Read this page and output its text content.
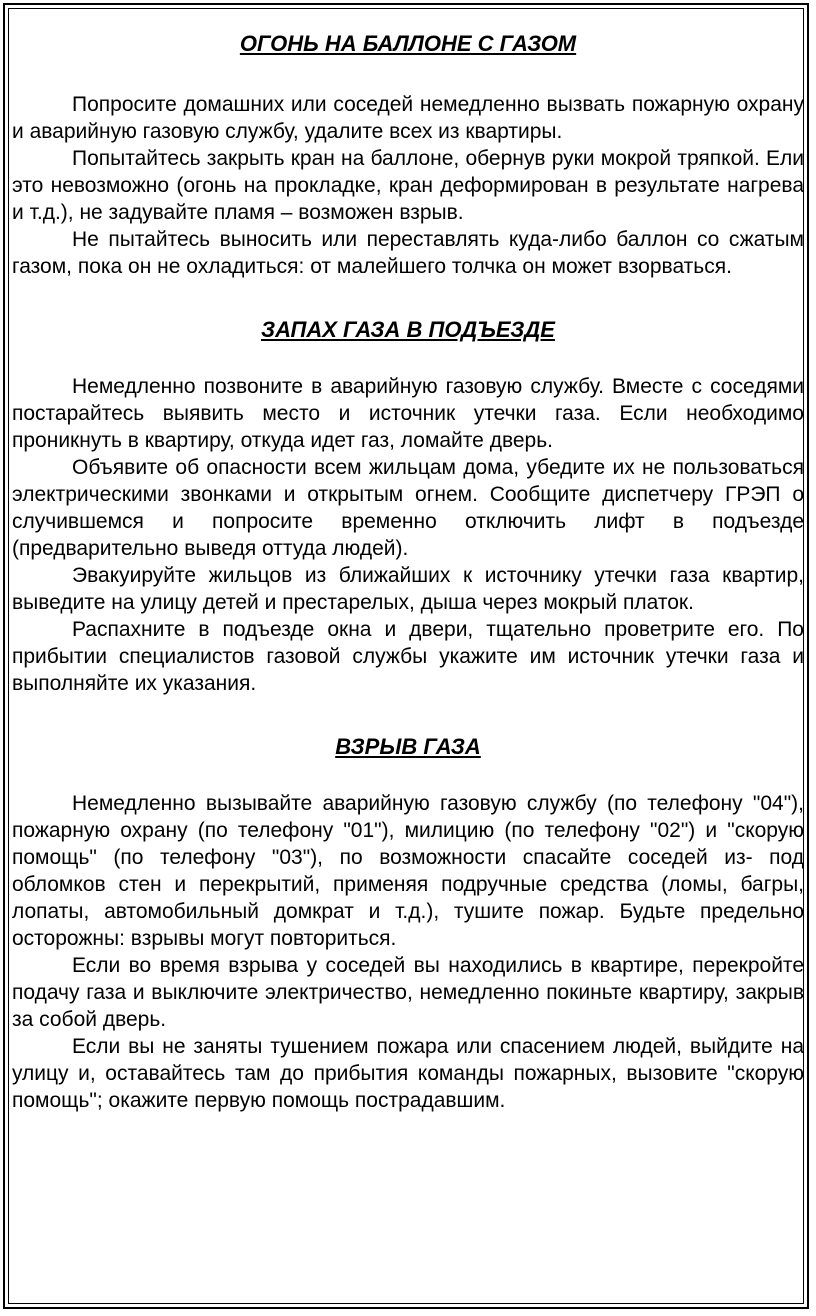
ОГОНЬ НА БАЛЛОНЕ С ГАЗОМ

Попросите домашних или соседей немедленно вызвать пожарную охрану и аварийную газовую службу, удалите всех из квартиры.

Попытайтесь закрыть кран на баллоне, обернув руки мокрой тряпкой. Ели это невозможно (огонь на прокладке, кран деформирован в результате нагрева и т.д.), не задувайте пламя – возможен взрыв.

Не пытайтесь выносить или переставлять куда-либо баллон со сжатым газом, пока он не охладиться: от малейшего толчка он может взорваться.

ЗАПАХ ГАЗА В ПОДЪЕЗДЕ

Немедленно позвоните в аварийную газовую службу. Вместе с соседями постарайтесь выявить место и источник утечки газа. Если необходимо проникнуть в квартиру, откуда идет газ, ломайте дверь.

Объявите об опасности всем жильцам дома, убедите их не пользоваться электрическими звонками и открытым огнем. Сообщите диспетчеру ГРЭП о случившемся и попросите временно отключить лифт в подъезде (предварительно выведя оттуда людей).

Эвакуируйте жильцов из ближайших к источнику утечки газа квартир, выведите на улицу детей и престарелых, дыша через мокрый платок.

Распахните в подъезде окна и двери, тщательно проветрите его. По прибытии специалистов газовой службы укажите им источник утечки газа и выполняйте их указания.

ВЗРЫВ ГАЗА

Немедленно вызывайте аварийную газовую службу (по телефону "04"), пожарную охрану (по телефону "01"), милицию (по телефону "02") и "скорую помощь" (по телефону "03"), по возможности спасайте соседей из- под обломков стен и перекрытий, применяя подручные средства (ломы, багры, лопаты, автомобильный домкрат и т.д.), тушите пожар. Будьте предельно осторожны: взрывы могут повториться.

Если во время взрыва у соседей вы находились в квартире, перекройте подачу газа и выключите электричество, немедленно покиньте квартиру, закрыв за собой дверь.

Если вы не заняты тушением пожара или спасением людей, выйдите на улицу и, оставайтесь там до прибытия команды пожарных, вызовите "скорую помощь"; окажите первую помощь пострадавшим.
